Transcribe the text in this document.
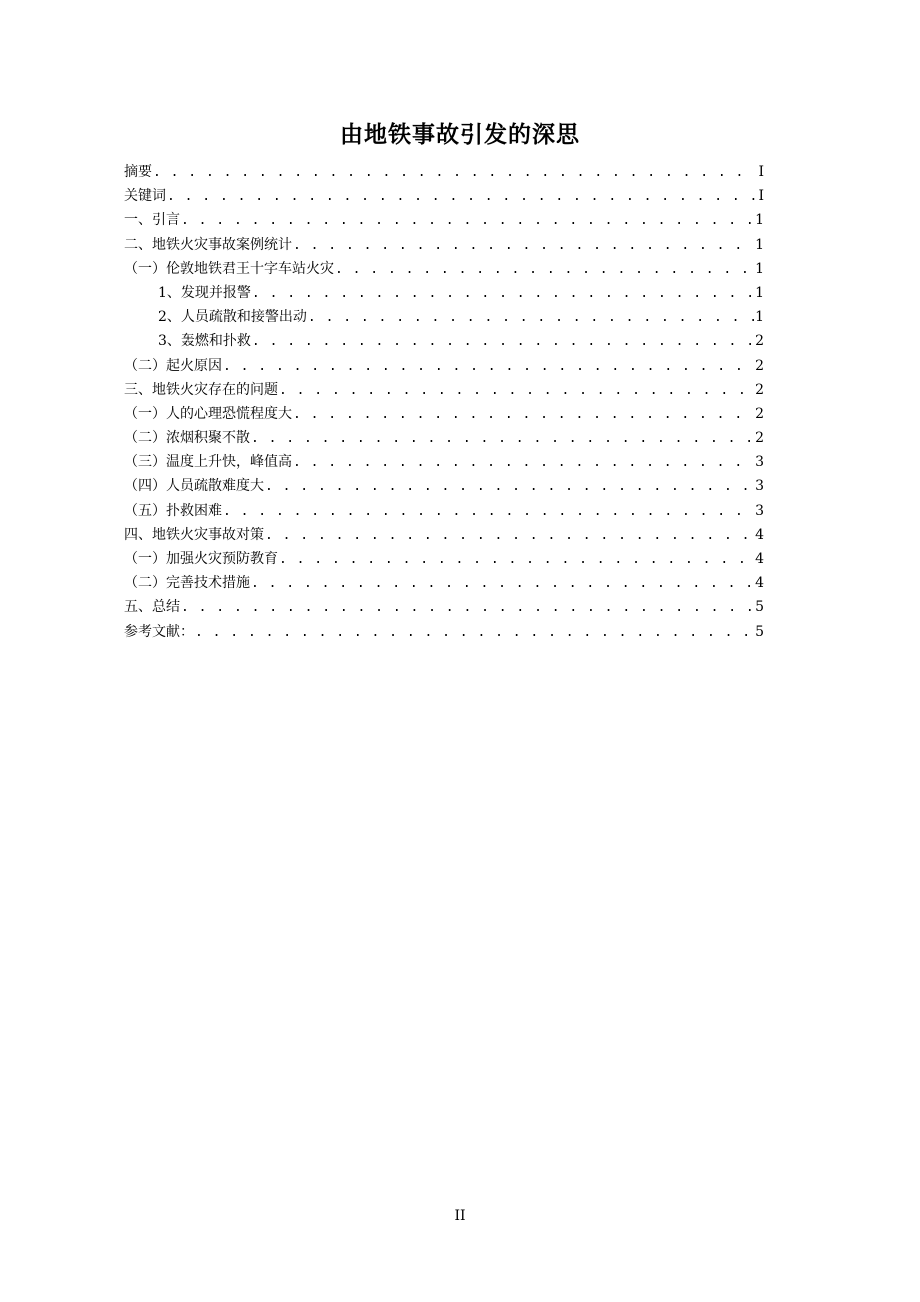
由地铁事故引发的深思
摘要 . . .	I
关键词 . . .	I
一、引言 . . .	1
二、地铁火灾事故案例统计 . . .	1
（一）伦敦地铁君王十字车站火灾 . . .	1
1、发现并报警 . . .	1
2、人员疏散和接警出动 . . .	1
3、轰燃和扑救 . . .	2
（二）起火原因 . . .	2
三、地铁火灾存在的问题 . . .	2
（一）人的心理恐慌程度大 . . .	2
（二）浓烟积聚不散 . . .	2
（三）温度上升快，峰值高 . . .	3
（四）人员疏散难度大 . . .	3
（五）扑救困难 . . .	3
四、地铁火灾事故对策 . . .	4
（一）加强火灾预防教育 . . .	4
（二）完善技术措施 . . .	4
五、总结 . . .	5
参考文献： . . .	5
II
